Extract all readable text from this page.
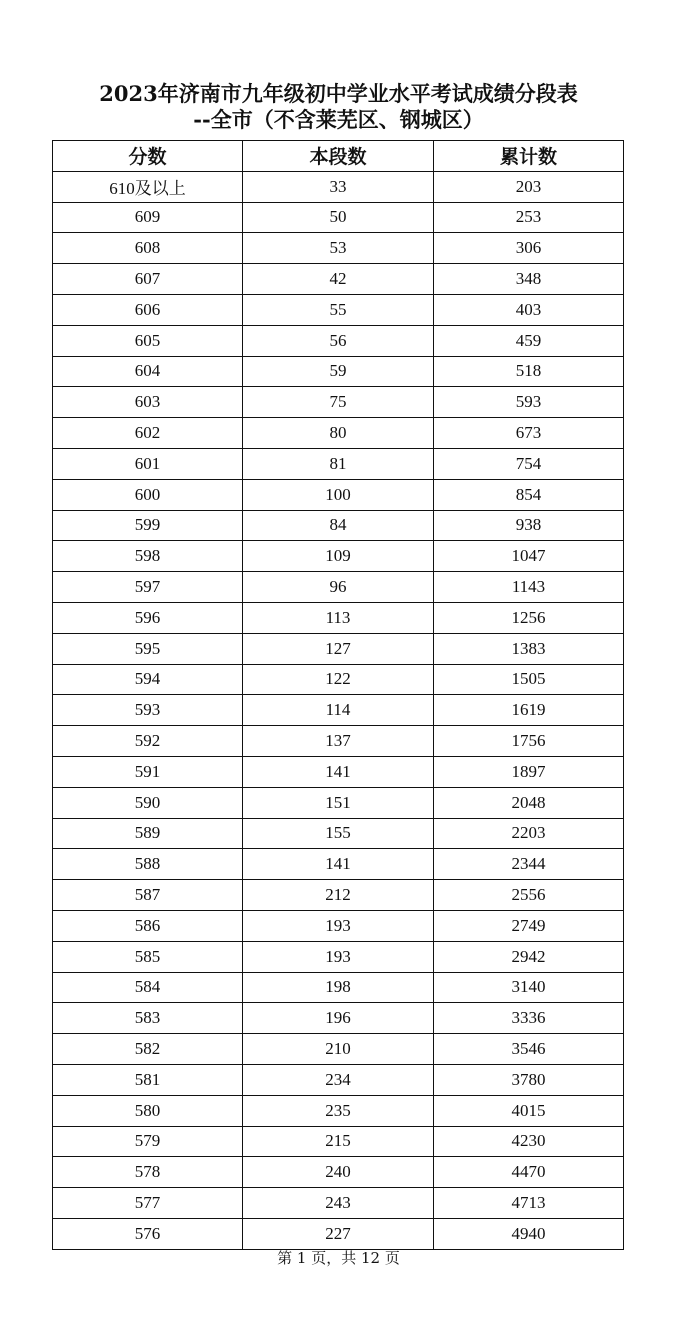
2023年济南市九年级初中学业水平考试成绩分段表
--全市（不含莱芜区、钢城区）
分数	本段数	累计数
610及以上	33	203
609	50	253
608	53	306
607	42	348
606	55	403
605	56	459
604	59	518
603	75	593
602	80	673
601	81	754
600	100	854
599	84	938
598	109	1047
597	96	1143
596	113	1256
595	127	1383
594	122	1505
593	114	1619
592	137	1756
591	141	1897
590	151	2048
589	155	2203
588	141	2344
587	212	2556
586	193	2749
585	193	2942
584	198	3140
583	196	3336
582	210	3546
581	234	3780
580	235	4015
579	215	4230
578	240	4470
577	243	4713
576	227	4940
第 1 页，共 12 页
